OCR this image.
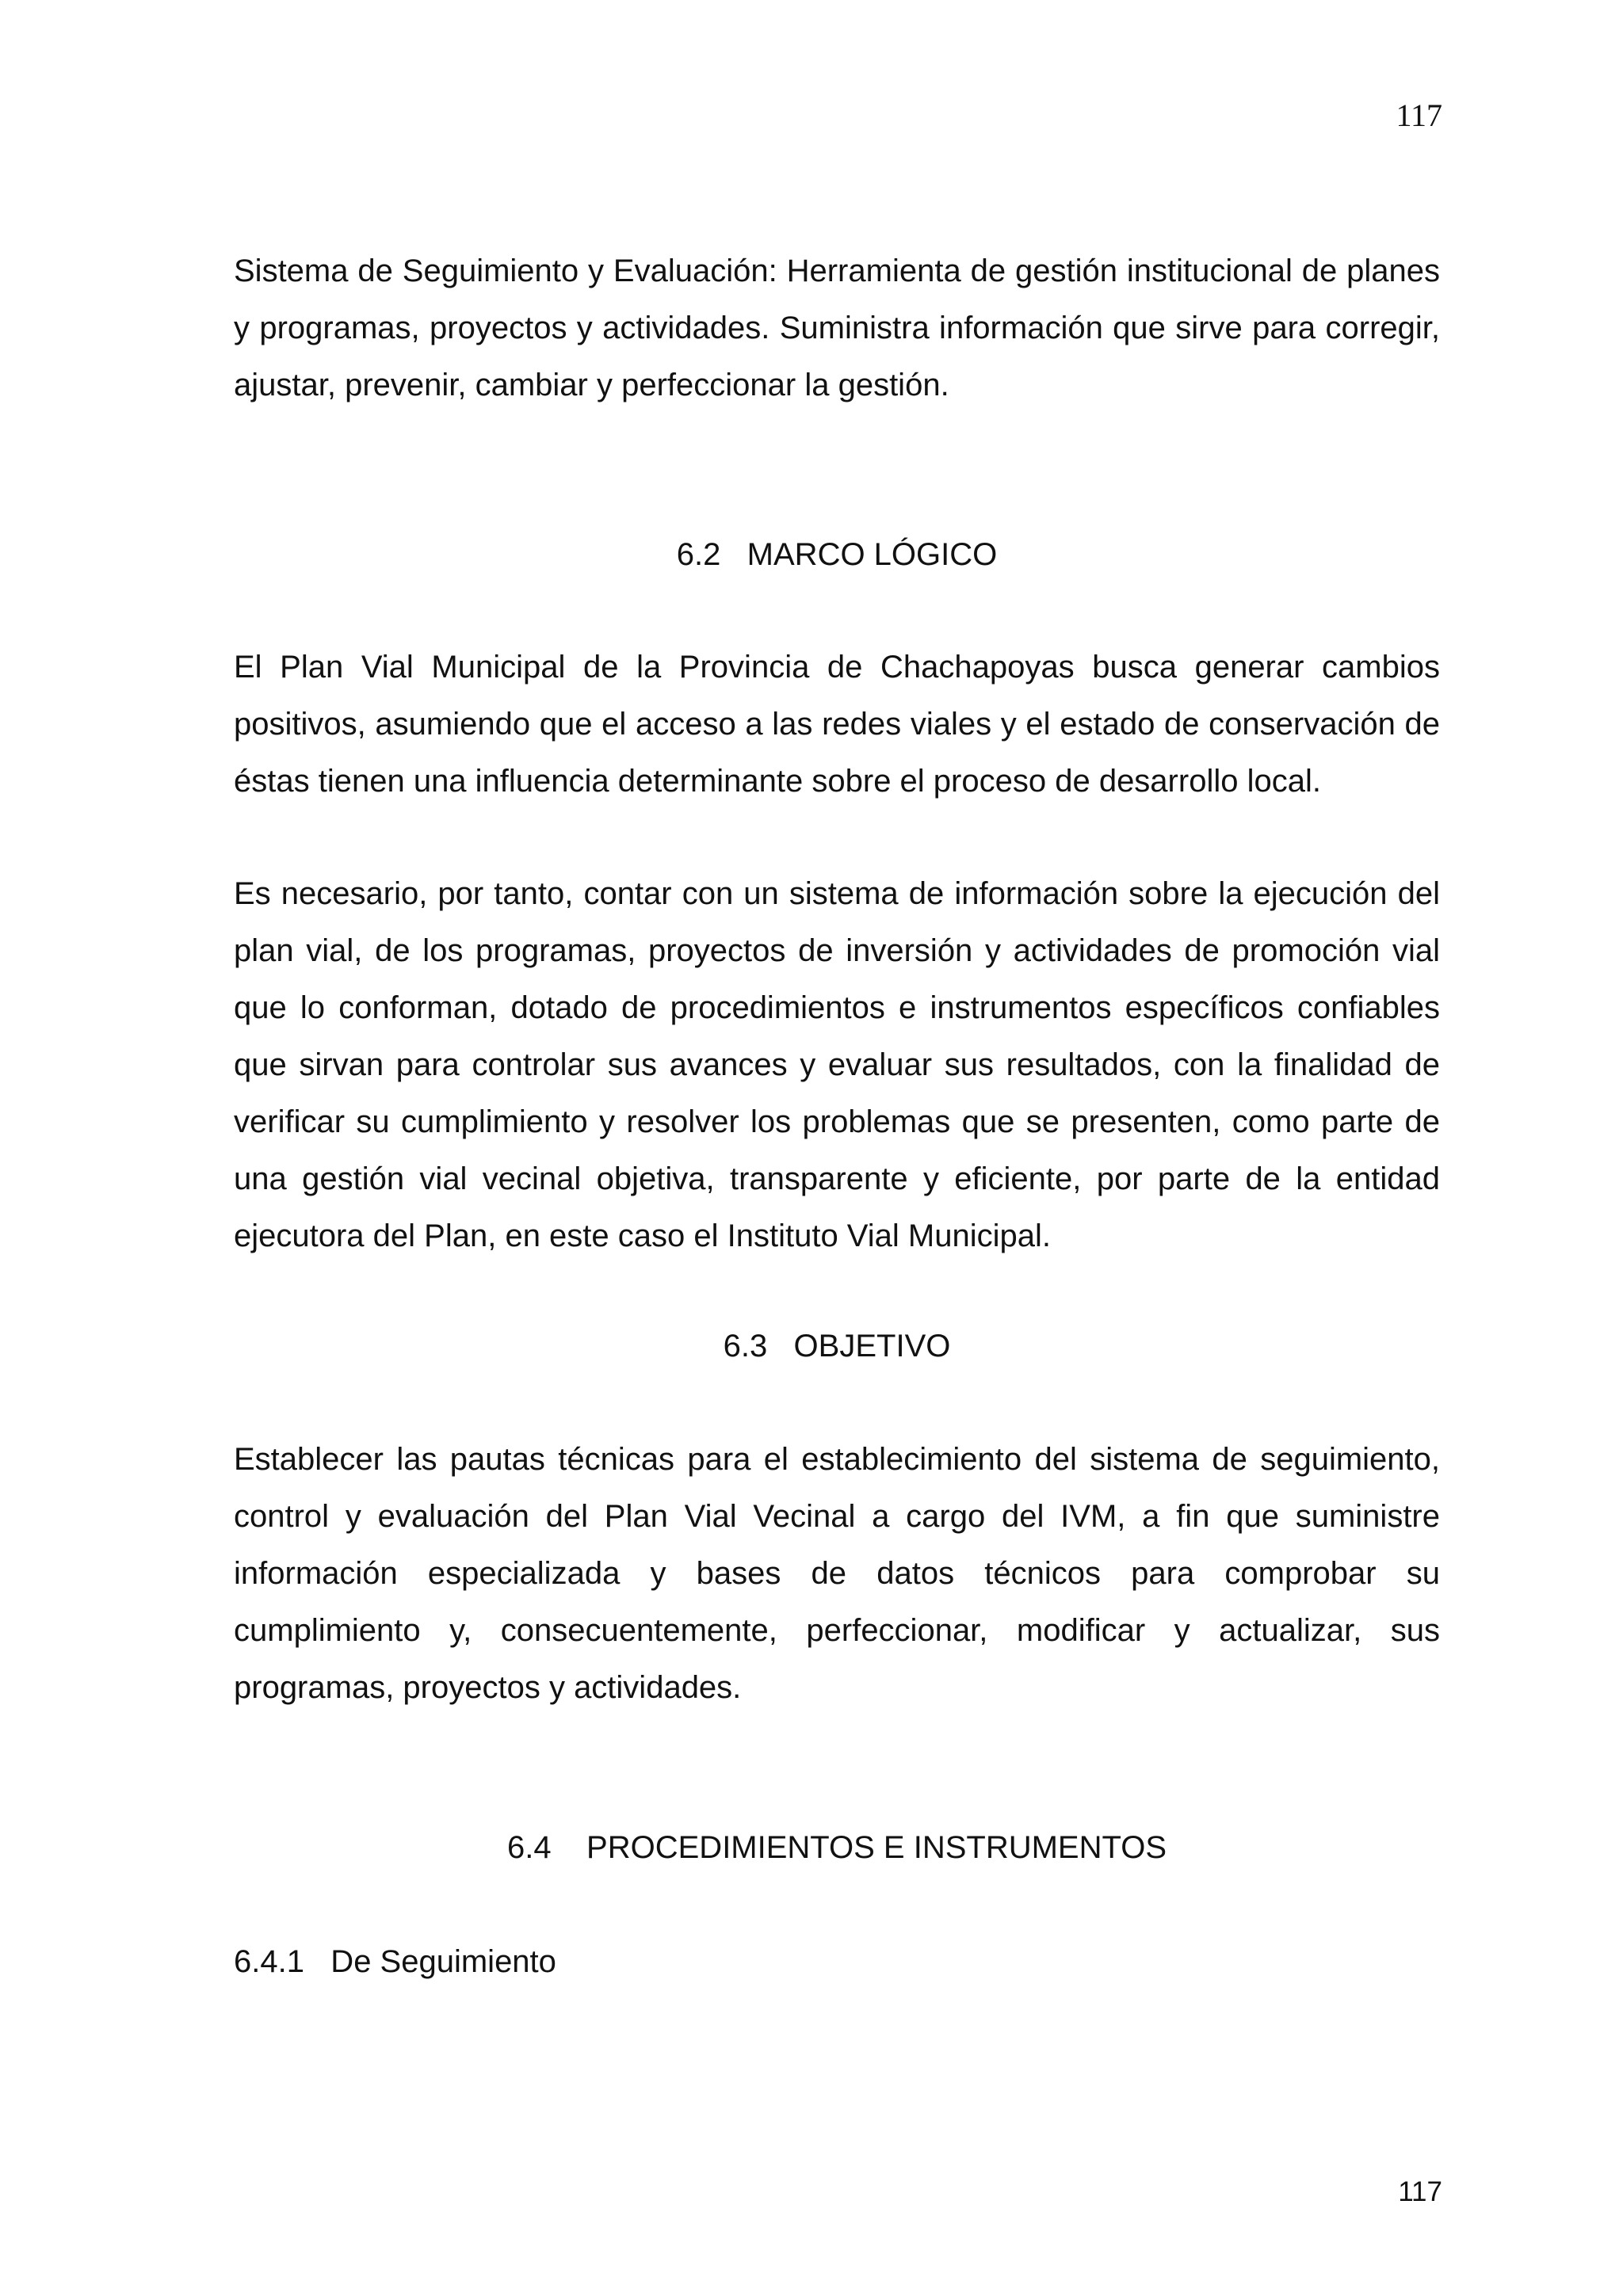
117

Sistema de Seguimiento y Evaluación: Herramienta de gestión institucional de planes y programas, proyectos y actividades. Suministra información que sirve para corregir, ajustar, prevenir, cambiar y perfeccionar la gestión.

6.2   MARCO LÓGICO

El Plan Vial Municipal de la Provincia de Chachapoyas busca generar cambios positivos, asumiendo que el acceso a las redes viales y el estado de conservación de éstas tienen una influencia determinante sobre el proceso de desarrollo local.

Es necesario, por tanto, contar con un sistema de información sobre la ejecución del plan vial, de los programas, proyectos de inversión y actividades de promoción vial que lo conforman, dotado de procedimientos e instrumentos específicos confiables que sirvan para controlar sus avances y evaluar sus resultados, con la finalidad de verificar su cumplimiento y resolver los problemas que se presenten, como parte de una gestión vial vecinal objetiva, transparente y eficiente, por parte de la entidad ejecutora del Plan, en este caso el Instituto Vial Municipal.

6.3   OBJETIVO

Establecer las pautas técnicas para el establecimiento del sistema de seguimiento, control y evaluación del Plan Vial Vecinal a cargo del IVM, a fin que suministre información especializada y bases de datos técnicos para comprobar su cumplimiento y, consecuentemente, perfeccionar, modificar y actualizar, sus programas, proyectos y actividades.

6.4    PROCEDIMIENTOS E INSTRUMENTOS
6.4.1   De Seguimiento
117
